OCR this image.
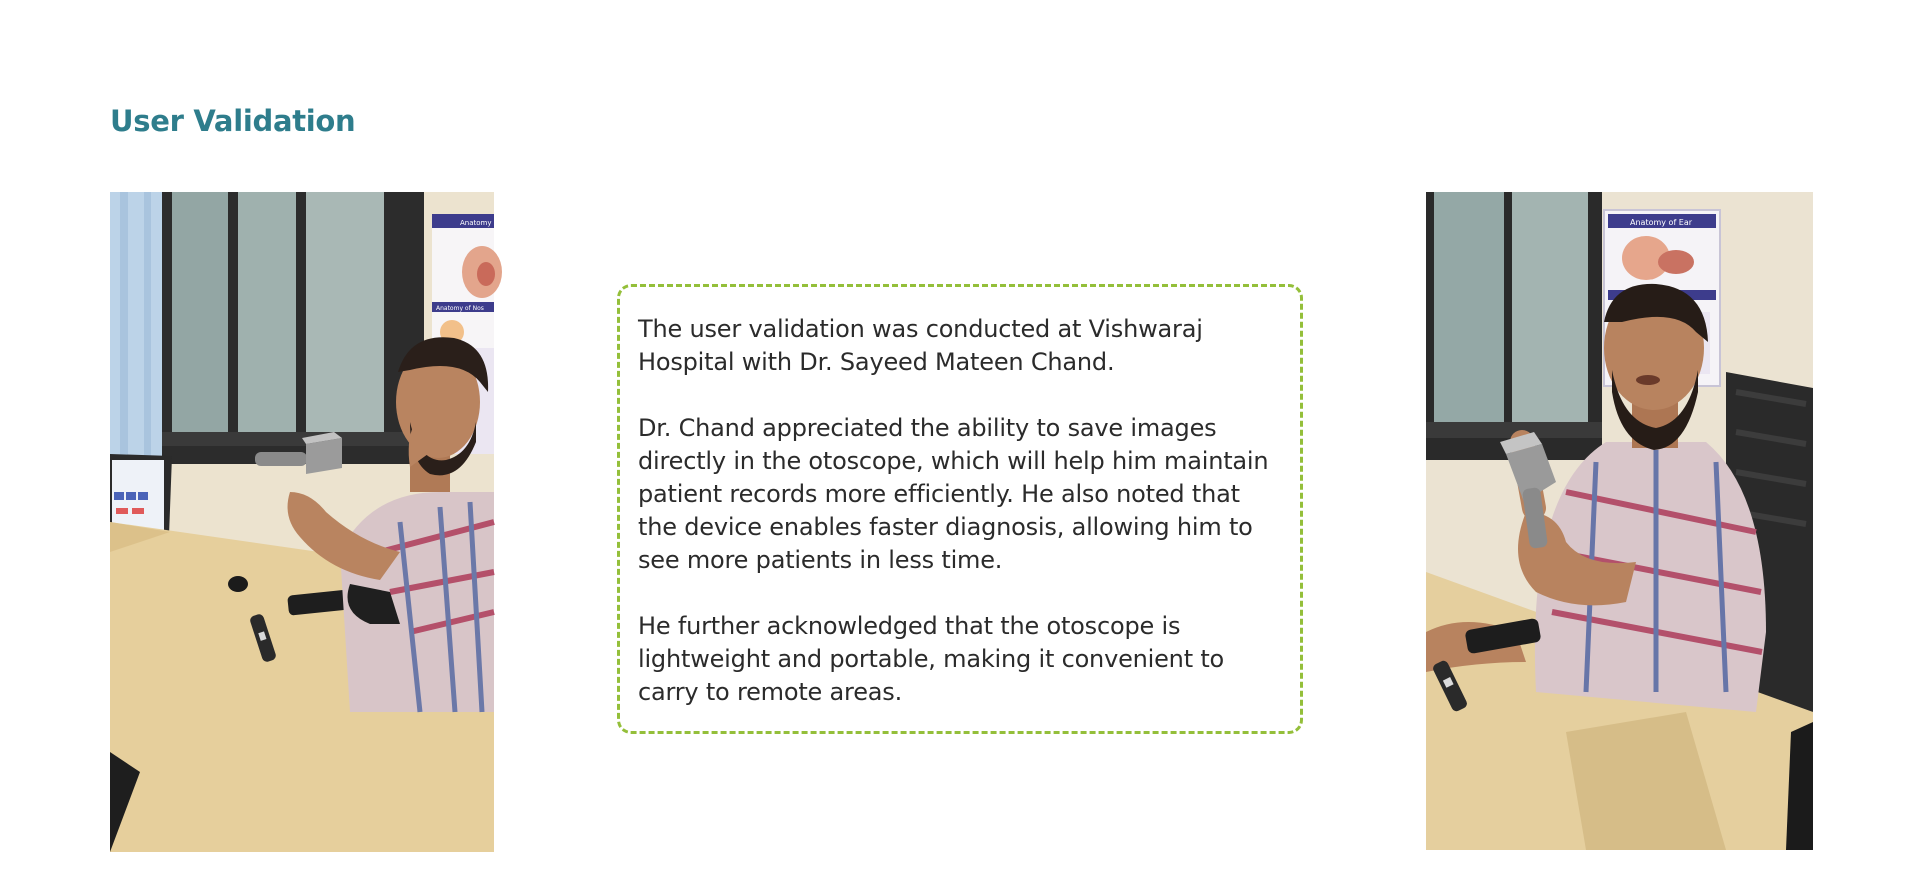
User Validation
Anatomy of
Anatomy of Nos

The user validation was conducted at Vishwaraj Hospital with Dr. Sayeed Mateen Chand.

Dr. Chand appreciated the ability to save images directly in the otoscope, which will help him maintain patient records more efficiently. He also noted that the device enables faster diagnosis, allowing him to see more patients in less time.

He further acknowledged that the otoscope is lightweight and portable, making it convenient to carry to remote areas.

Anatomy of Ear
